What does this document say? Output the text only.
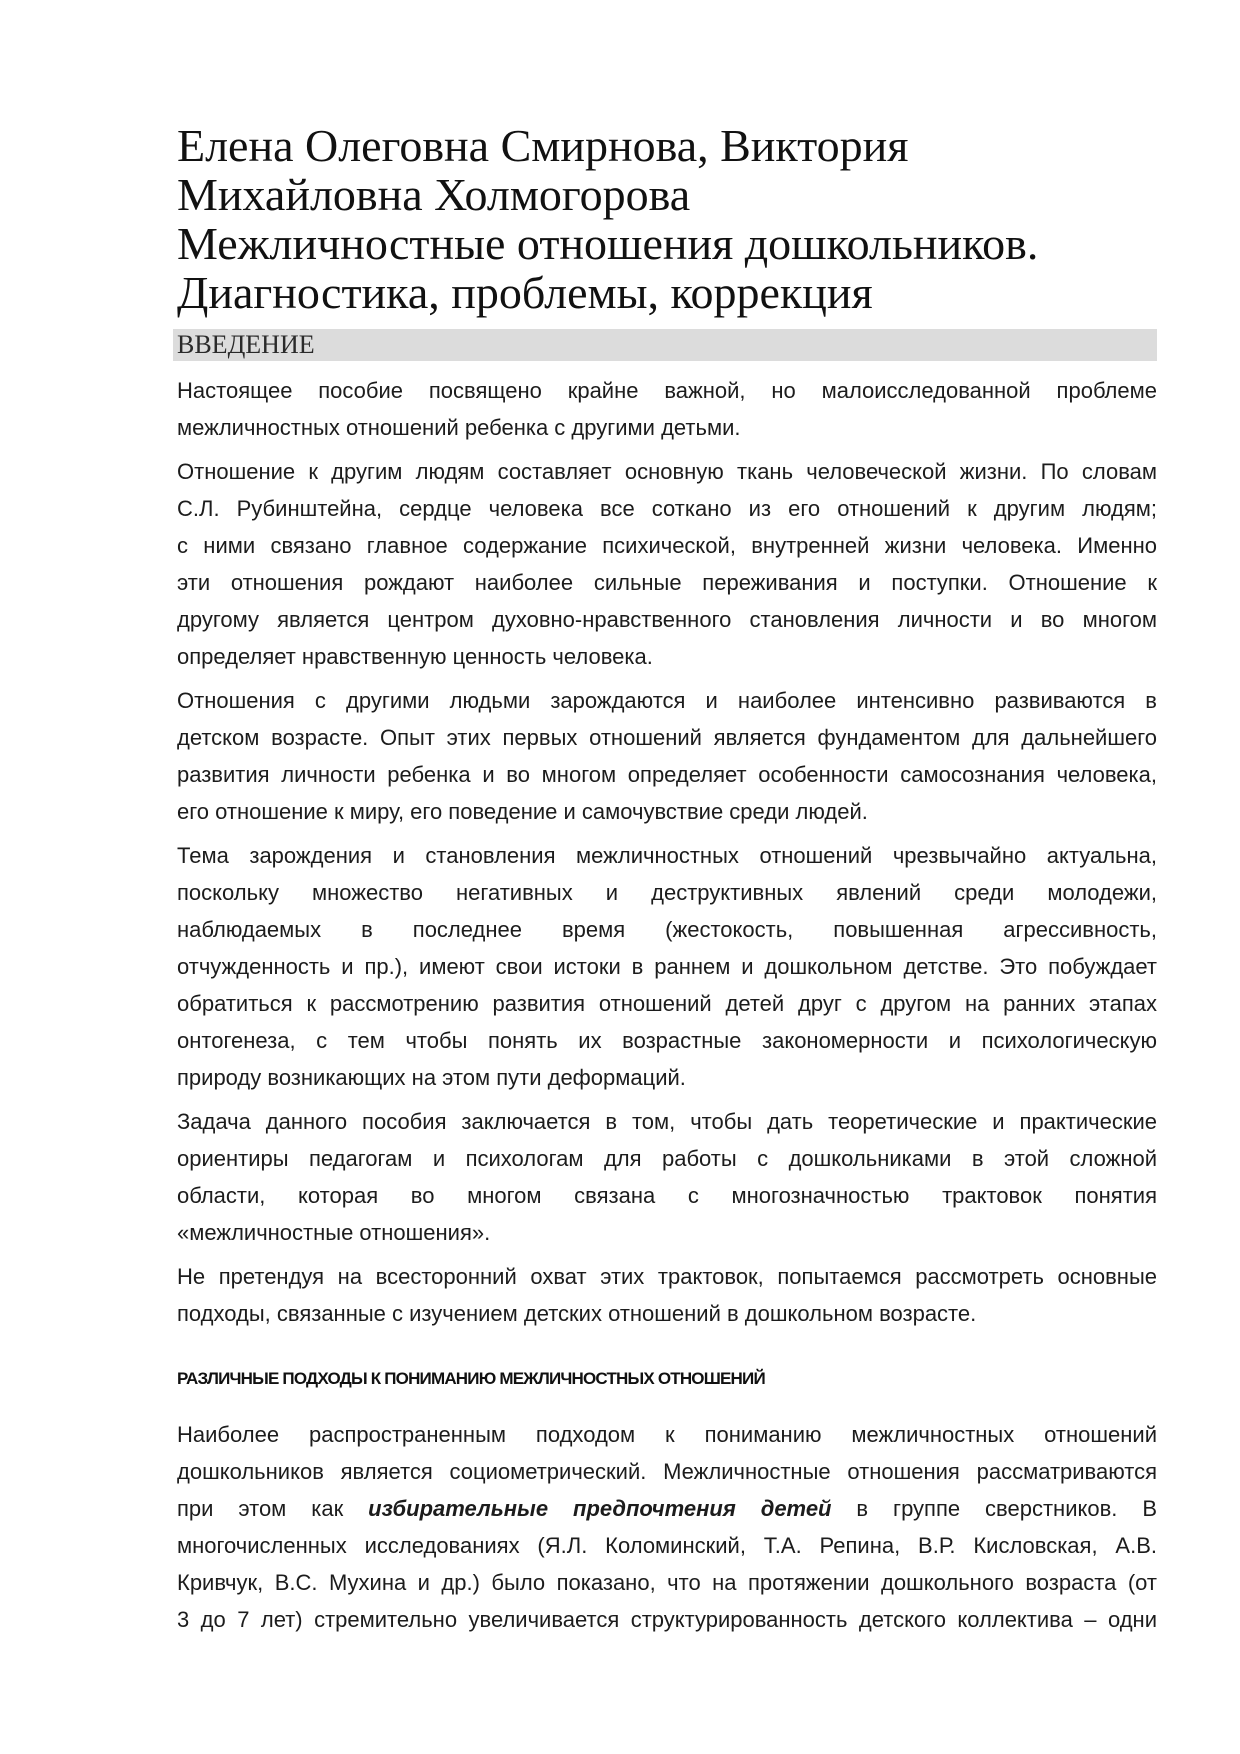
Елена Олеговна Смирнова, Виктория
Михайловна Холмогорова
Межличностные отношения дошкольников.
Диагностика, проблемы, коррекция
ВВЕДЕНИЕ
Настоящее пособие посвящено крайне важной, но малоисследованной проблеме
межличностных отношений ребенка с другими детьми.
Отношение к другим людям составляет основную ткань человеческой жизни. По словам
С.Л. Рубинштейна, сердце человека все соткано из его отношений к другим людям;
с ними связано главное содержание психической, внутренней жизни человека. Именно
эти отношения рождают наиболее сильные переживания и поступки. Отношение к
другому является центром духовно-нравственного становления личности и во многом
определяет нравственную ценность человека.
Отношения с другими людьми зарождаются и наиболее интенсивно развиваются в
детском возрасте. Опыт этих первых отношений является фундаментом для дальнейшего
развития личности ребенка и во многом определяет особенности самосознания человека,
его отношение к миру, его поведение и самочувствие среди людей.
Тема зарождения и становления межличностных отношений чрезвычайно актуальна,
поскольку множество негативных и деструктивных явлений среди молодежи,
наблюдаемых в последнее время (жестокость, повышенная агрессивность,
отчужденность и пр.), имеют свои истоки в раннем и дошкольном детстве. Это побуждает
обратиться к рассмотрению развития отношений детей друг с другом на ранних этапах
онтогенеза, с тем чтобы понять их возрастные закономерности и психологическую
природу возникающих на этом пути деформаций.
Задача данного пособия заключается в том, чтобы дать теоретические и практические
ориентиры педагогам и психологам для работы с дошкольниками в этой сложной
области, которая во многом связана с многозначностью трактовок понятия
«межличностные отношения».
Не претендуя на всесторонний охват этих трактовок, попытаемся рассмотреть основные
подходы, связанные с изучением детских отношений в дошкольном возрасте.
РАЗЛИЧНЫЕ ПОДХОДЫ К ПОНИМАНИЮ МЕЖЛИЧНОСТНЫХ ОТНОШЕНИЙ
Наиболее распространенным подходом к пониманию межличностных отношений
дошкольников является социометрический. Межличностные отношения рассматриваются
при этом как избирательные предпочтения детей в группе сверстников. В
многочисленных исследованиях (Я.Л. Коломинский, Т.А. Репина, В.Р. Кисловская, А.В.
Кривчук, В.С. Мухина и др.) было показано, что на протяжении дошкольного возраста (от
3 до 7 лет) стремительно увеличивается структурированность детского коллектива – одни
